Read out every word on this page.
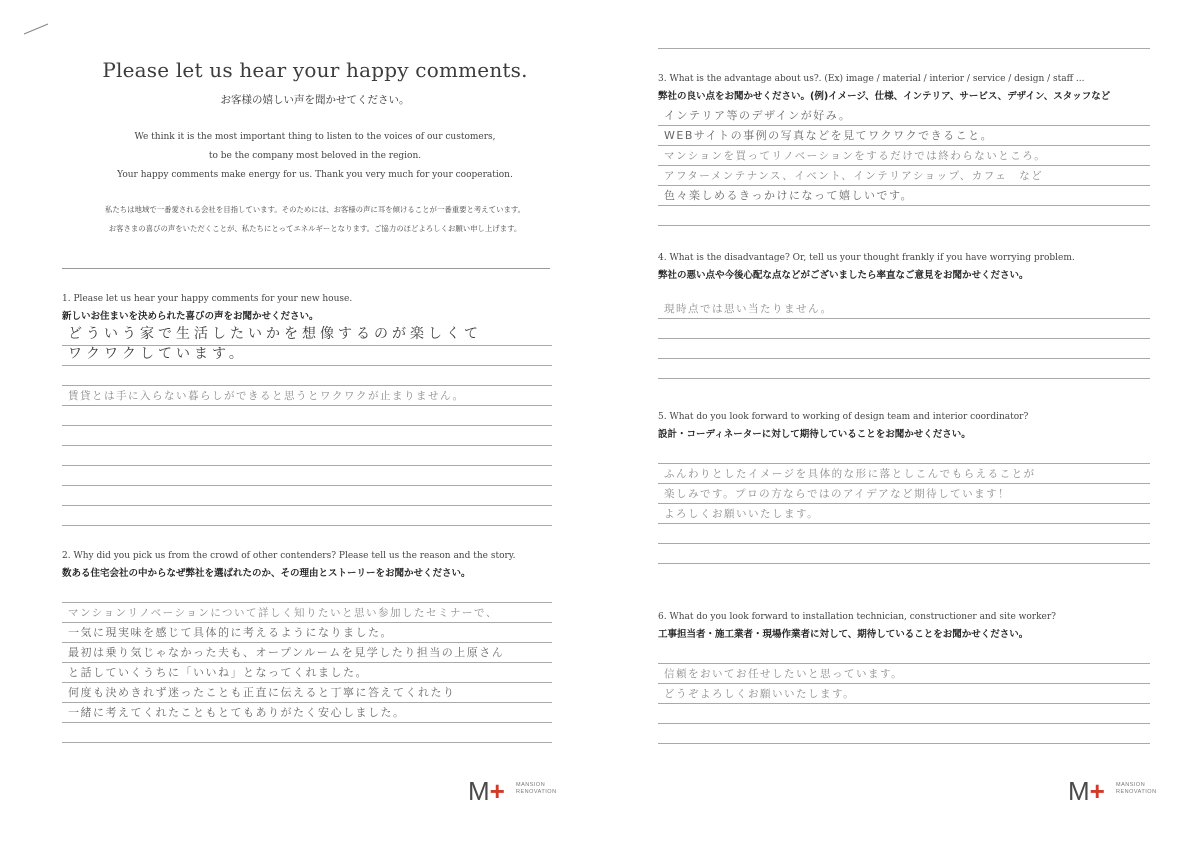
Please let us hear your happy comments.
お客様の嬉しい声を聞かせてください。
We think it is the most important thing to listen to the voices of our customers,
to be the company most beloved in the region.
Your happy comments make energy for us. Thank you very much for your cooperation.
私たちは地域で一番愛される会社を目指しています。そのためには、お客様の声に耳を傾けることが一番重要と考えています。
お客さまの喜びの声をいただくことが、私たちにとってエネルギーとなります。ご協力のほどよろしくお願い申し上げます。
1. Please let us hear your happy comments for your new house.
新しいお住まいを決められた喜びの声をお聞かせください。
どういう家で生活したいかを想像するのが楽しくて
ワクワクしています。
賃貸とは手に入らない暮らしができると思うとワクワクが止まりません。
2. Why did you pick us from the crowd of other contenders? Please tell us the reason and the story.
数ある住宅会社の中からなぜ弊社を選ばれたのか、その理由とストーリーをお聞かせください。
マンションリノベーションについて詳しく知りたいと思い参加したセミナーで、
一気に現実味を感じて具体的に考えるようになりました。
最初は乗り気じゃなかった夫も、オープンルームを見学したり担当の上原さん
と話していくうちに「いいね」となってくれました。
何度も決めきれず迷ったことも正直に伝えると丁寧に答えてくれたり
一緒に考えてくれたこともとてもありがたく安心しました。
M+ MANSION
RENOVATION
3. What is the advantage about us?. (Ex) image / material / interior / service / design / staff ...
弊社の良い点をお聞かせください。(例)イメージ、仕様、インテリア、サービス、デザイン、スタッフなど
インテリア等のデザインが好み。
WEBサイトの事例の写真などを見てワクワクできること。
マンションを買ってリノベーションをするだけでは終わらないところ。
アフターメンテナンス、イベント、インテリアショップ、カフェ　など
色々楽しめるきっかけになって嬉しいです。
4. What is the disadvantage? Or, tell us your thought frankly if you have worrying problem.
弊社の悪い点や今後心配な点などがございましたら率直なご意見をお聞かせください。
現時点では思い当たりません。
5. What do you look forward to working of design team and interior coordinator?
設計・コーディネーターに対して期待していることをお聞かせください。
ふんわりとしたイメージを具体的な形に落としこんでもらえることが
楽しみです。プロの方ならではのアイデアなど期待しています！
よろしくお願いいたします。
6. What do you look forward to installation technician, constructioner and site worker?
工事担当者・施工業者・現場作業者に対して、期待していることをお聞かせください。
信頼をおいてお任せしたいと思っています。
どうぞよろしくお願いいたします。
M+ MANSION
RENOVATION
